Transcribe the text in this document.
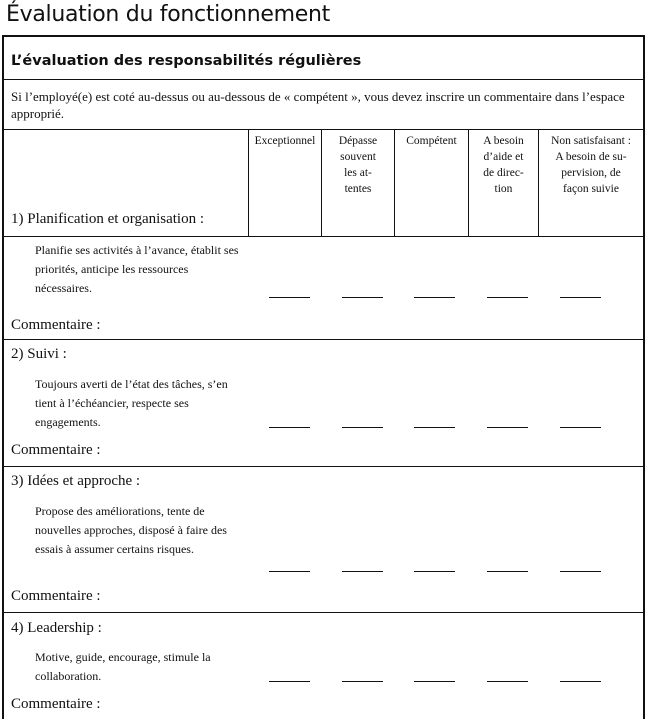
Évaluation du fonctionnement
L’évaluation des responsabilités régulières

Si l’employé(e) est coté au-dessus ou au-dessous de « compétent », vous devez inscrire un commentaire dans l’espace approprié.

Exceptionnel	Dépasse
souvent
les at-
tentes
Compétent	A besoin
d’aide et
de direc-
tion
Non satisfaisant :
A besoin de su-
pervision, de
façon suivie

1) Planification et organisation :

Planifie ses activités à l’avance, établit ses priorités, anticipe les ressources nécessaires.

Commentaire :

2) Suivi :

Toujours averti de l’état des tâches, s’en tient à l’échéancier, respecte ses engagements.

Commentaire :

3) Idées et approche :

Propose des améliorations, tente de nouvelles approches, disposé à faire des essais à assumer certains risques.

Commentaire :

4) Leadership :

Motive, guide, encourage, stimule la collaboration.

Commentaire :
